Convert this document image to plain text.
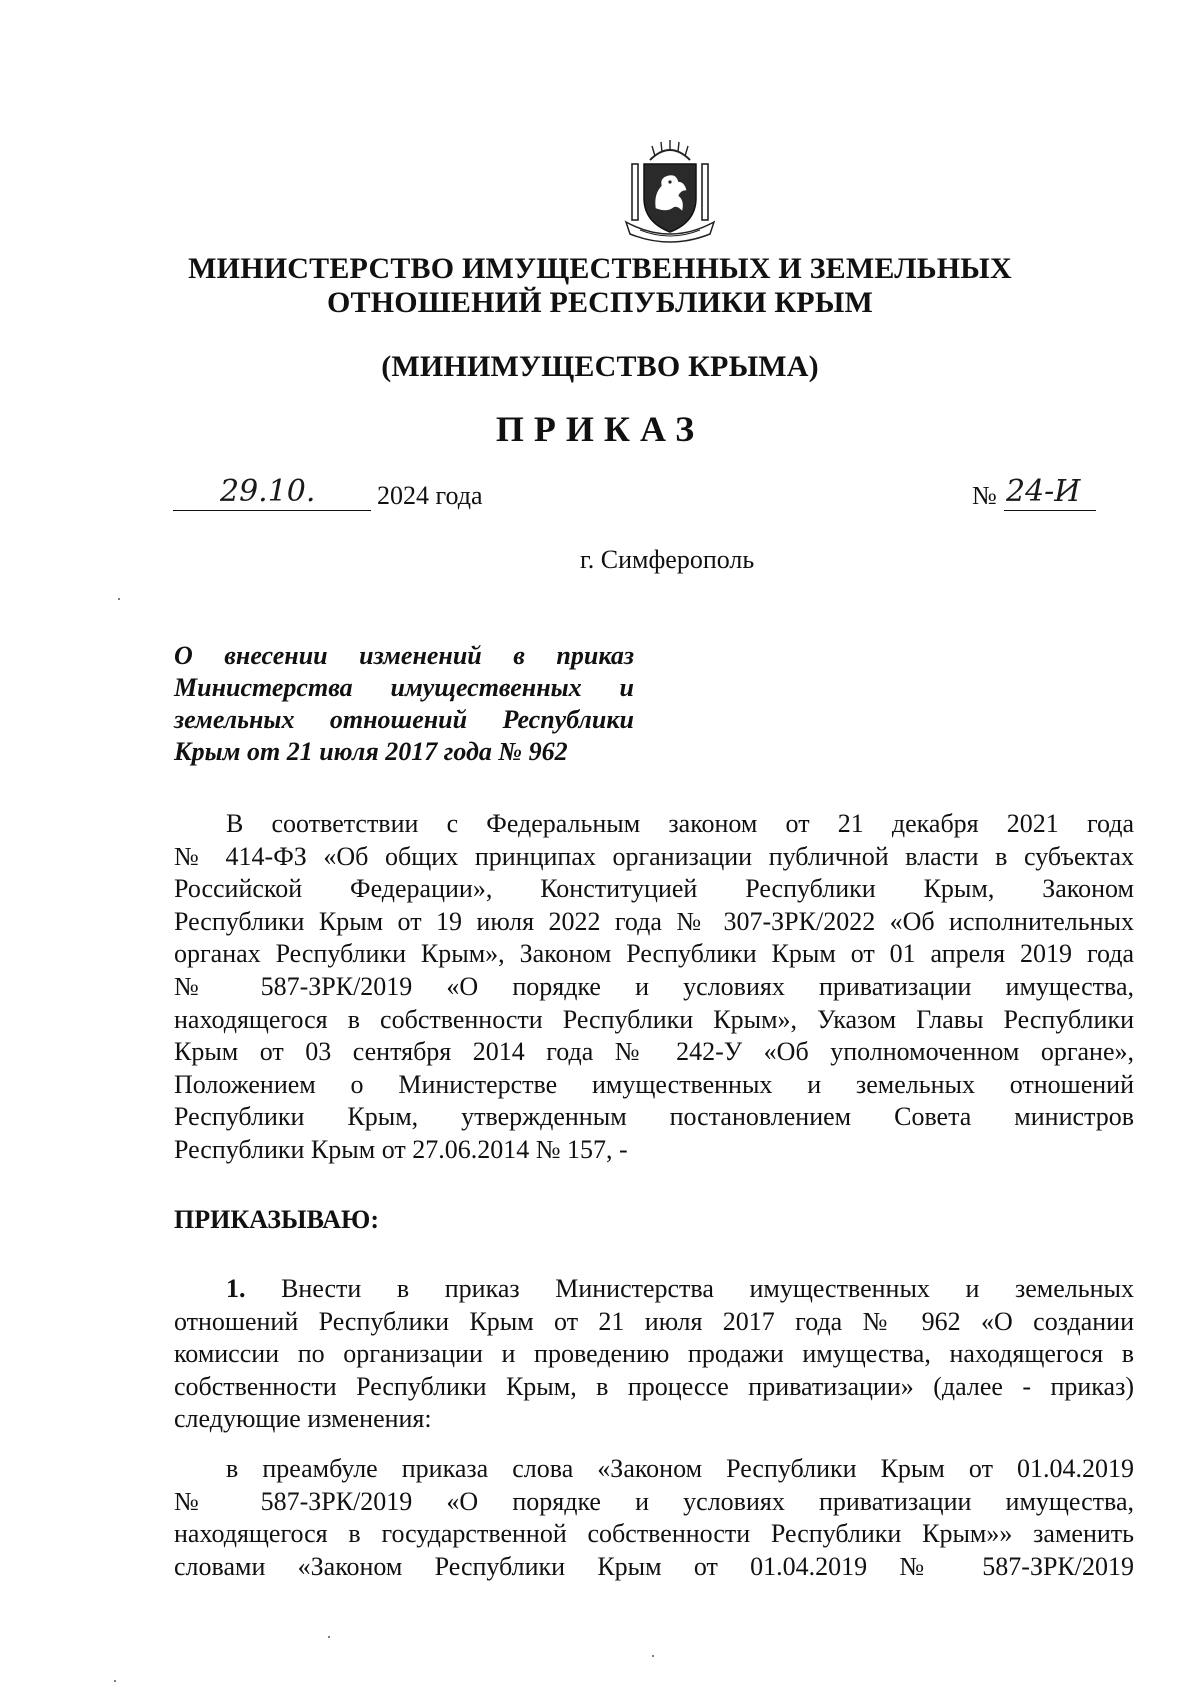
МИНИСТЕРСТВО ИМУЩЕСТВЕННЫХ И ЗЕМЕЛЬНЫХ
ОТНОШЕНИЙ РЕСПУБЛИКИ КРЫМ
(МИНИМУЩЕСТВО КРЫМА)
ПРИКАЗ
29.10. 2024 года	№ 24-И
г. Симферополь
О внесении изменений в приказ
Министерства имущественных и
земельных отношений Республики
Крым от 21 июля 2017 года № 962
В соответствии с Федеральным законом от 21 декабря 2021 года
№ 414-ФЗ «Об общих принципах организации публичной власти в субъектах
Российской Федерации», Конституцией Республики Крым, Законом
Республики Крым от 19 июля 2022 года № 307-ЗРК/2022 «Об исполнительных
органах Республики Крым», Законом Республики Крым от 01 апреля 2019 года
№ 587-ЗРК/2019 «О порядке и условиях приватизации имущества,
находящегося в собственности Республики Крым», Указом Главы Республики
Крым от 03 сентября 2014 года № 242-У «Об уполномоченном органе»,
Положением о Министерстве имущественных и земельных отношений
Республики Крым, утвержденным постановлением Совета министров
Республики Крым от 27.06.2014 № 157, -
ПРИКАЗЫВАЮ:
1. Внести в приказ Министерства имущественных и земельных
отношений Республики Крым от 21 июля 2017 года № 962 «О создании
комиссии по организации и проведению продажи имущества, находящегося в
собственности Республики Крым, в процессе приватизации» (далее - приказ)
следующие изменения:
в преамбуле приказа слова «Законом Республики Крым от 01.04.2019
№ 587-ЗРК/2019 «О порядке и условиях приватизации имущества,
находящегося в государственной собственности Республики Крым»» заменить
словами «Законом Республики Крым от 01.04.2019 № 587-ЗРК/2019
